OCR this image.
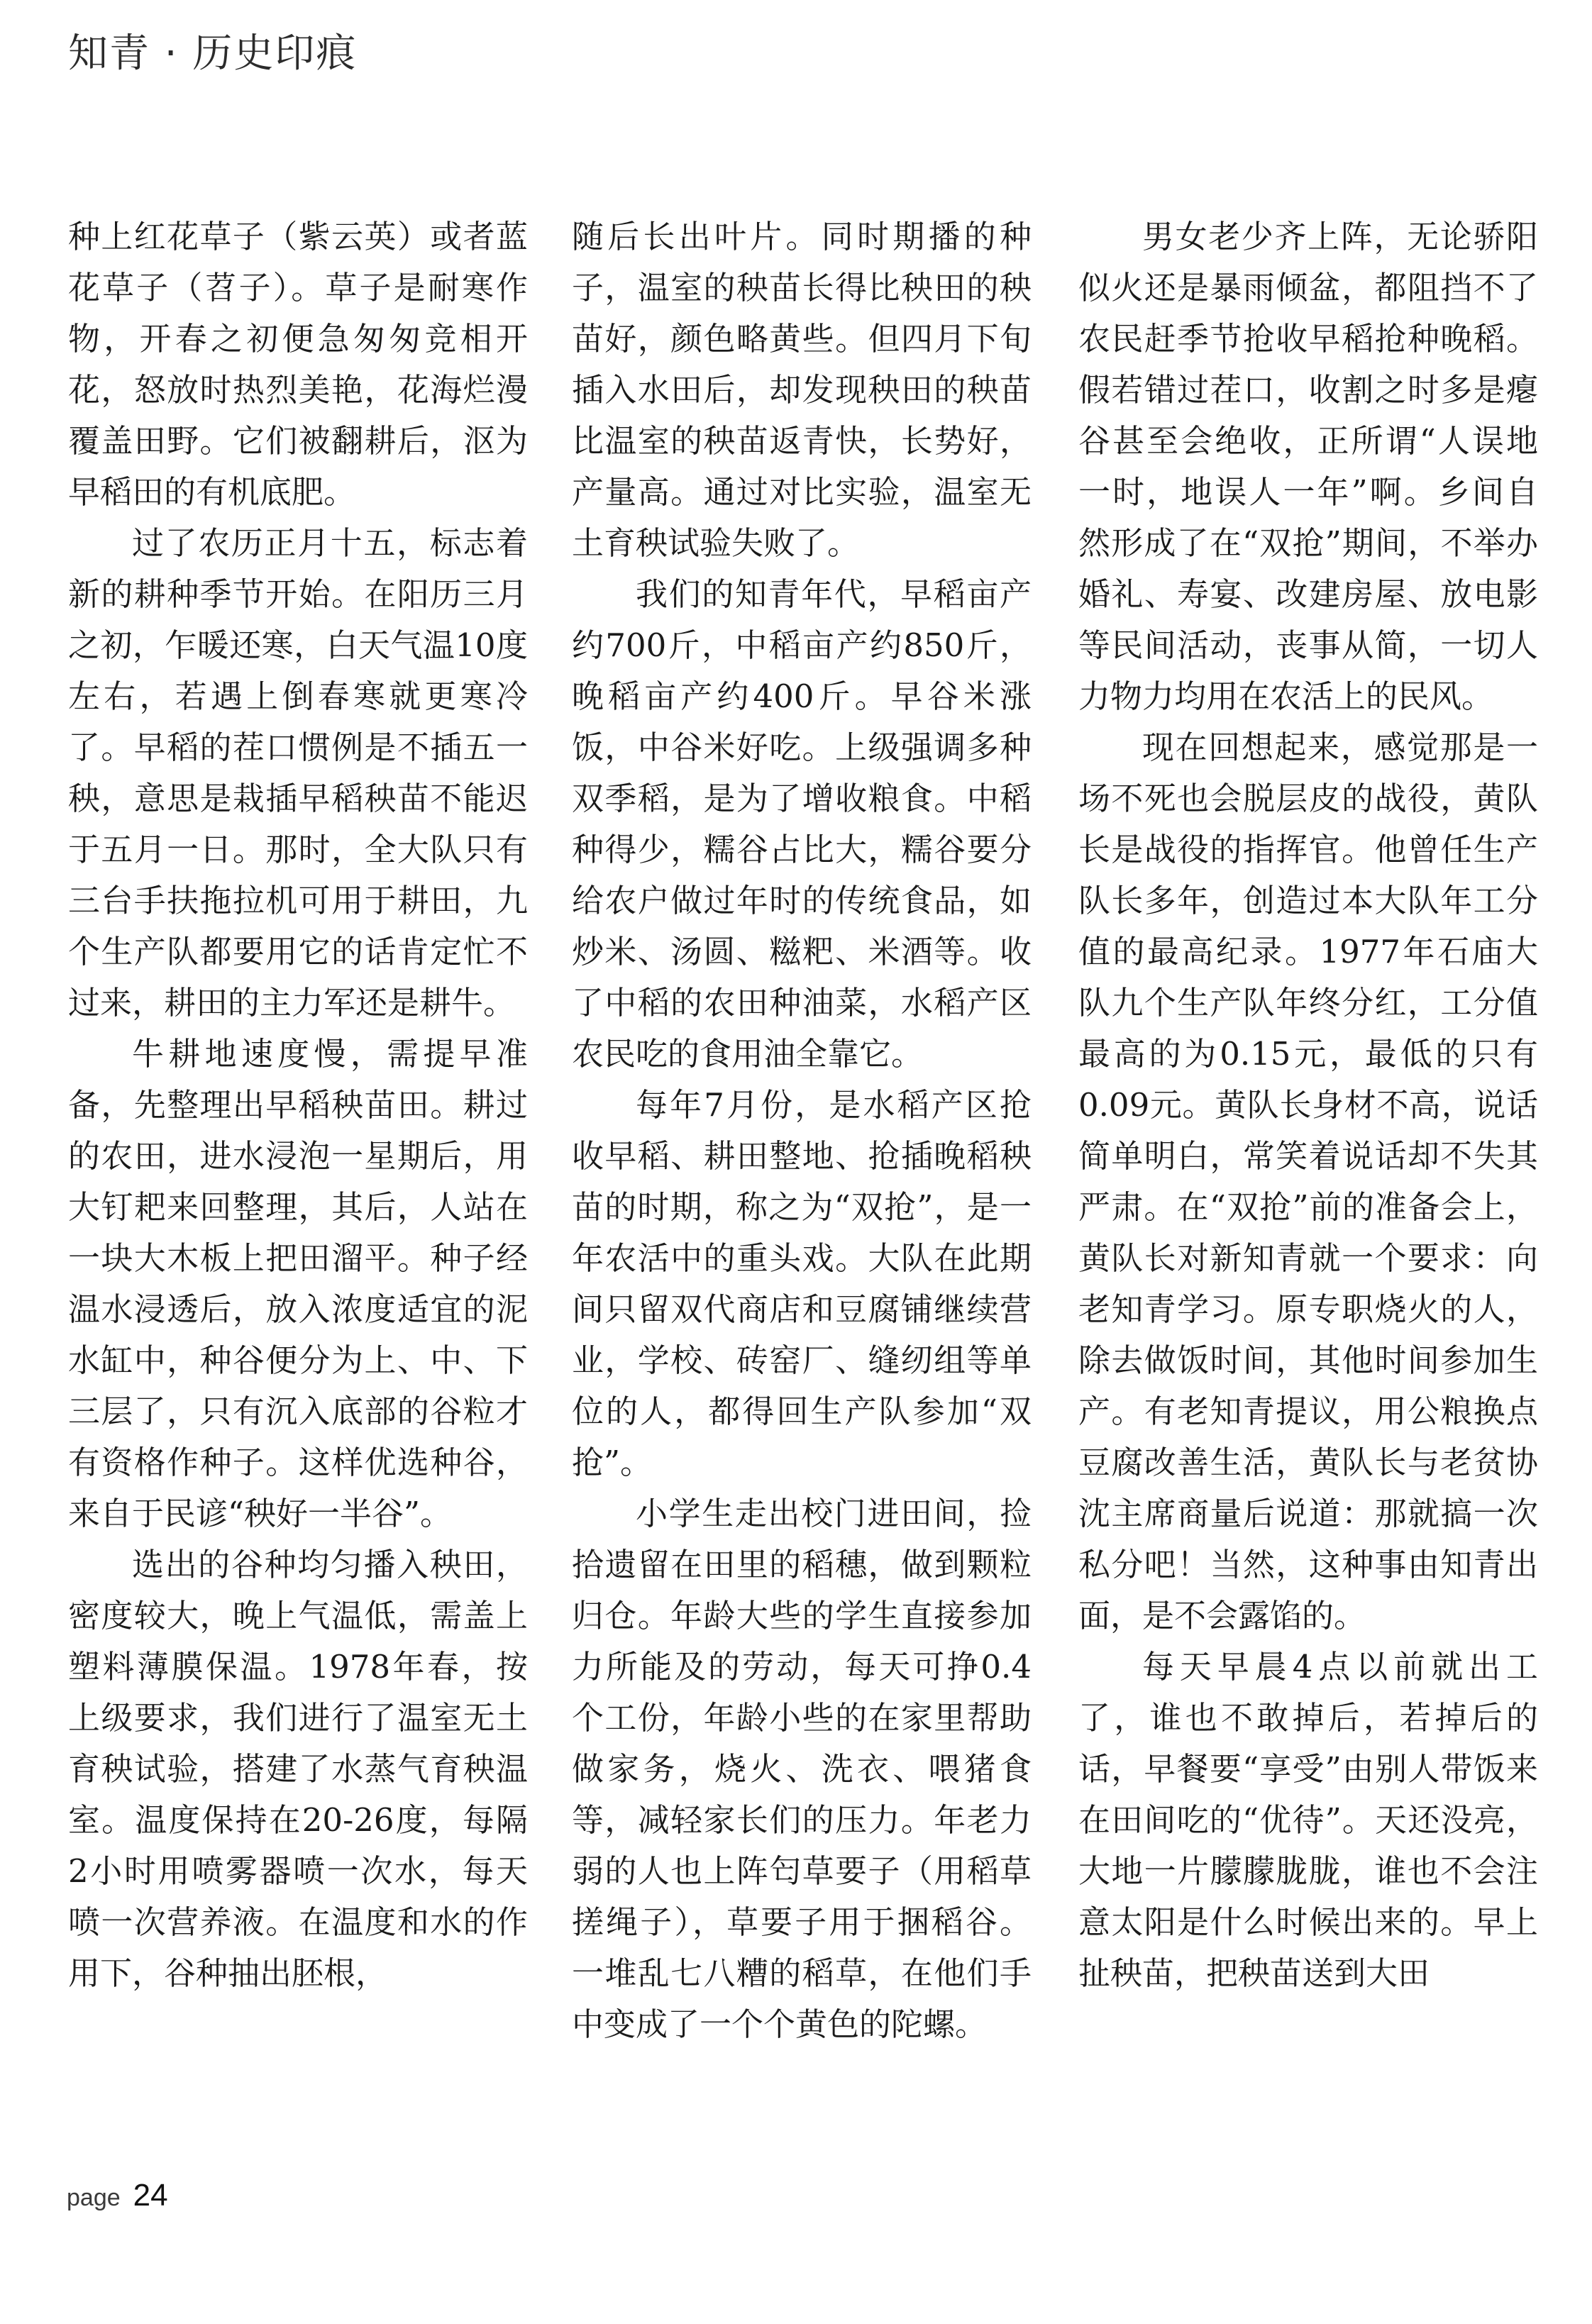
知青 · 历史印痕

种上红花草子（紫云英）或者蓝花草子（苕子）。草子是耐寒作物，开春之初便急匆匆竞相开花，怒放时热烈美艳，花海烂漫覆盖田野。它们被翻耕后，沤为早稻田的有机底肥。

过了农历正月十五，标志着新的耕种季节开始。在阳历三月之初，乍暖还寒，白天气温10度左右，若遇上倒春寒就更寒冷了。早稻的茬口惯例是不插五一秧，意思是栽插早稻秧苗不能迟于五月一日。那时，全大队只有三台手扶拖拉机可用于耕田，九个生产队都要用它的话肯定忙不过来，耕田的主力军还是耕牛。

牛耕地速度慢，需提早准备，先整理出早稻秧苗田。耕过的农田，进水浸泡一星期后，用大钉耙来回整理，其后，人站在一块大木板上把田溜平。种子经温水浸透后，放入浓度适宜的泥水缸中，种谷便分为上、中、下三层了，只有沉入底部的谷粒才有资格作种子。这样优选种谷，来自于民谚“秧好一半谷”。

选出的谷种均匀播入秧田，密度较大，晚上气温低，需盖上塑料薄膜保温。1978年春，按上级要求，我们进行了温室无土育秧试验，搭建了水蒸气育秧温室。温度保持在20-26度，每隔2小时用喷雾器喷一次水，每天喷一次营养液。在温度和水的作用下，谷种抽出胚根，

随后长出叶片。同时期播的种子，温室的秧苗长得比秧田的秧苗好，颜色略黄些。但四月下旬插入水田后，却发现秧田的秧苗比温室的秧苗返青快，长势好，产量高。通过对比实验，温室无土育秧试验失败了。

我们的知青年代，早稻亩产约700斤，中稻亩产约850斤，晚稻亩产约400斤。早谷米涨饭，中谷米好吃。上级强调多种双季稻，是为了增收粮食。中稻种得少，糯谷占比大，糯谷要分给农户做过年时的传统食品，如炒米、汤圆、糍粑、米酒等。收了中稻的农田种油菜，水稻产区农民吃的食用油全靠它。

每年7月份，是水稻产区抢收早稻、耕田整地、抢插晚稻秧苗的时期，称之为“双抢”，是一年农活中的重头戏。大队在此期间只留双代商店和豆腐铺继续营业，学校、砖窑厂、缝纫组等单位的人，都得回生产队参加“双抢”。

小学生走出校门进田间，捡拾遗留在田里的稻穗，做到颗粒归仓。年龄大些的学生直接参加力所能及的劳动，每天可挣0.4个工份，年龄小些的在家里帮助做家务，烧火、洗衣、喂猪食等，减轻家长们的压力。年老力弱的人也上阵匄草要子（用稻草搓绳子），草要子用于捆稻谷。一堆乱七八糟的稻草，在他们手中变成了一个个黄色的陀螺。

男女老少齐上阵，无论骄阳似火还是暴雨倾盆，都阻挡不了农民赶季节抢收早稻抢种晚稻。假若错过茬口，收割之时多是瘪谷甚至会绝收，正所谓“人误地一时，地误人一年”啊。乡间自然形成了在“双抢”期间，不举办婚礼、寿宴、改建房屋、放电影等民间活动，丧事从简，一切人力物力均用在农活上的民风。

现在回想起来，感觉那是一场不死也会脱层皮的战役，黄队长是战役的指挥官。他曾任生产队长多年，创造过本大队年工分值的最高纪录。1977年石庙大队九个生产队年终分红，工分值最高的为0.15元，最低的只有0.09元。黄队长身材不高，说话简单明白，常笑着说话却不失其严肃。在“双抢”前的准备会上，黄队长对新知青就一个要求：向老知青学习。原专职烧火的人，除去做饭时间，其他时间参加生产。有老知青提议，用公粮换点豆腐改善生活，黄队长与老贫协沈主席商量后说道：那就搞一次私分吧！当然，这种事由知青出面，是不会露馅的。

每天早晨4点以前就出工了，谁也不敢掉后，若掉后的话，早餐要“享受”由别人带饭来在田间吃的“优待”。天还没亮，大地一片朦朦胧胧，谁也不会注意太阳是什么时候出来的。早上扯秧苗，把秧苗送到大田

page 24
